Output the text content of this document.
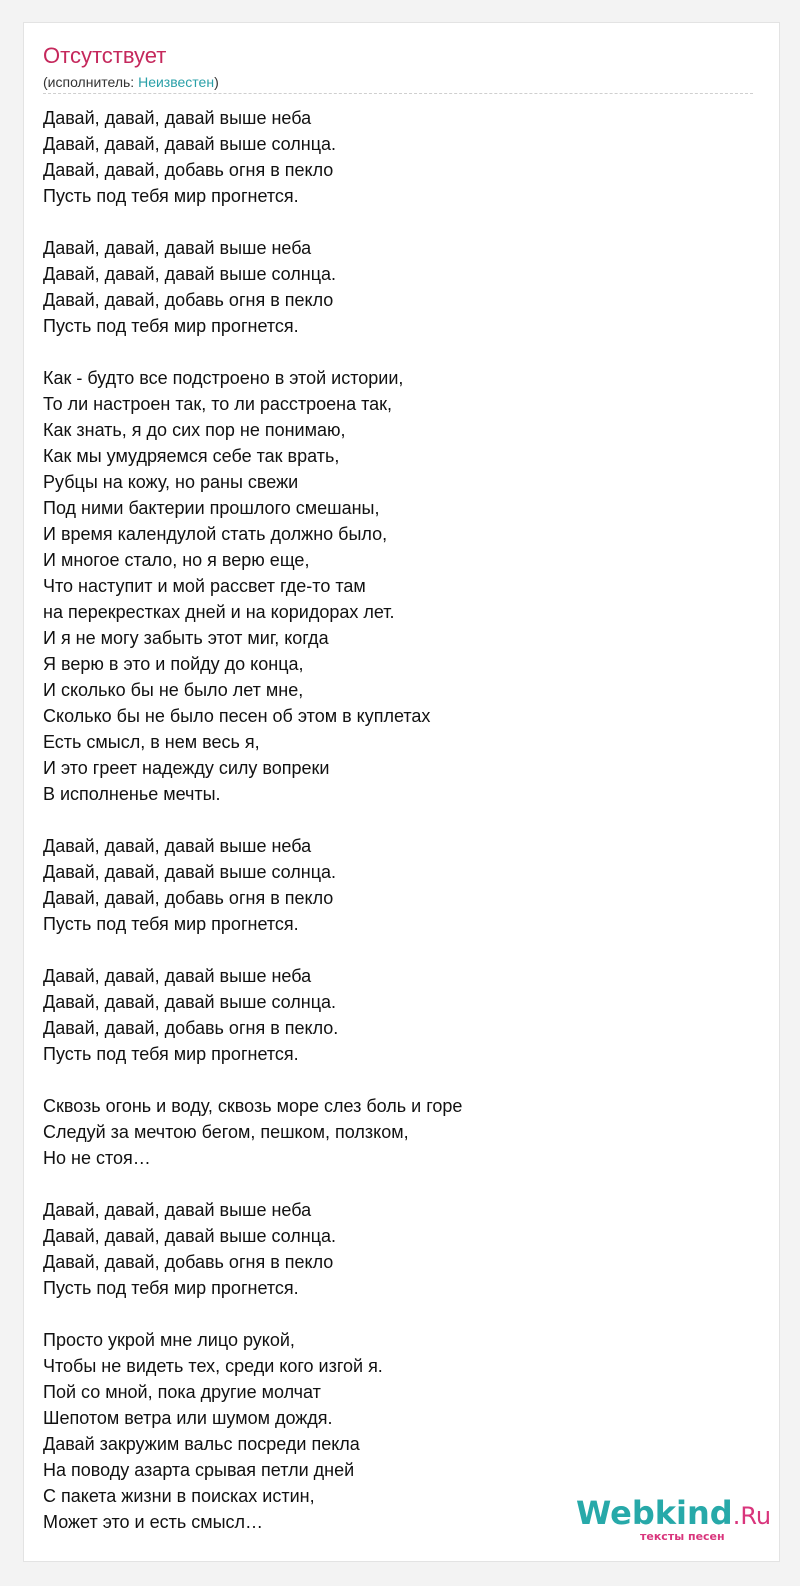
Отсутствует
(исполнитель: Неизвестен)
Давай, давай, давай выше неба
Давай, давай, давай выше солнца.
Давай, давай, добавь огня в пекло
Пусть под тебя мир прогнется.
Давай, давай, давай выше неба
Давай, давай, давай выше солнца.
Давай, давай, добавь огня в пекло
Пусть под тебя мир прогнется.
Как - будто все подстроено в этой истории,
То ли настроен так, то ли расстроена так,
Как знать, я до сих пор не понимаю,
Как мы умудряемся себе так врать,
Рубцы на кожу, но раны свежи
Под ними бактерии прошлого смешаны,
И время календулой стать должно было,
И многое стало, но я верю еще,
Что наступит и мой рассвет где-то там
на перекрестках дней и на коридорах лет.
И я не могу забыть этот миг, когда
Я верю в это и пойду до конца,
И сколько бы не было лет мне,
Сколько бы не было песен об этом в куплетах
Есть смысл, в нем весь я,
И это греет надежду силу вопреки
В исполненье мечты.
Давай, давай, давай выше неба
Давай, давай, давай выше солнца.
Давай, давай, добавь огня в пекло
Пусть под тебя мир прогнется.
Давай, давай, давай выше неба
Давай, давай, давай выше солнца.
Давай, давай, добавь огня в пекло.
Пусть под тебя мир прогнется.
Сквозь огонь и воду, сквозь море слез боль и горе
Следуй за мечтою бегом, пешком, ползком,
Но не стоя…
Давай, давай, давай выше неба
Давай, давай, давай выше солнца.
Давай, давай, добавь огня в пекло
Пусть под тебя мир прогнется.
Просто укрой мне лицо рукой,
Чтобы не видеть тех, среди кого изгой я.
Пой со мной, пока другие молчат
Шепотом ветра или шумом дождя.
Давай закружим вальс посреди пекла
На поводу азарта срывая петли дней
С пакета жизни в поисках истин,
Может это и есть смысл…	Webkind.Ru
тексты песен
